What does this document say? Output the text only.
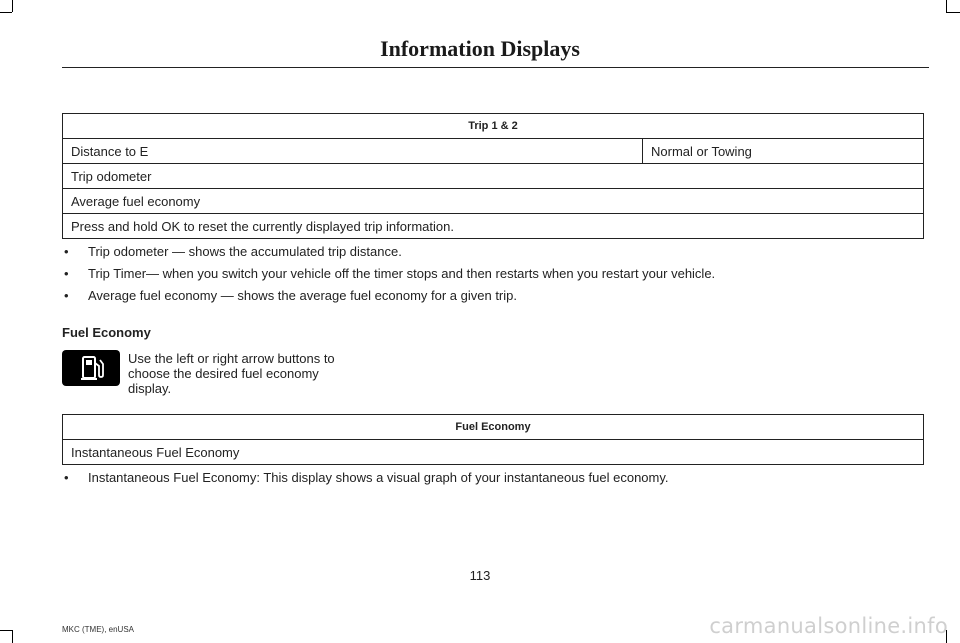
Information Displays
Trip 1 & 2
Distance to E	Normal or Towing
Trip odometer
Average fuel economy
Press and hold OK to reset the currently displayed trip information.
• Trip odometer — shows the accumulated trip distance.
• Trip Timer— when you switch your vehicle off the timer stops and then restarts when you restart your vehicle.
• Average fuel economy — shows the average fuel economy for a given trip.
Fuel Economy
Use the left or right arrow buttons to choose the desired fuel economy display.
Fuel Economy
Instantaneous Fuel Economy
• Instantaneous Fuel Economy: This display shows a visual graph of your instantaneous fuel economy.
113
MKC (TME), enUSA	carmanualsonline.info
